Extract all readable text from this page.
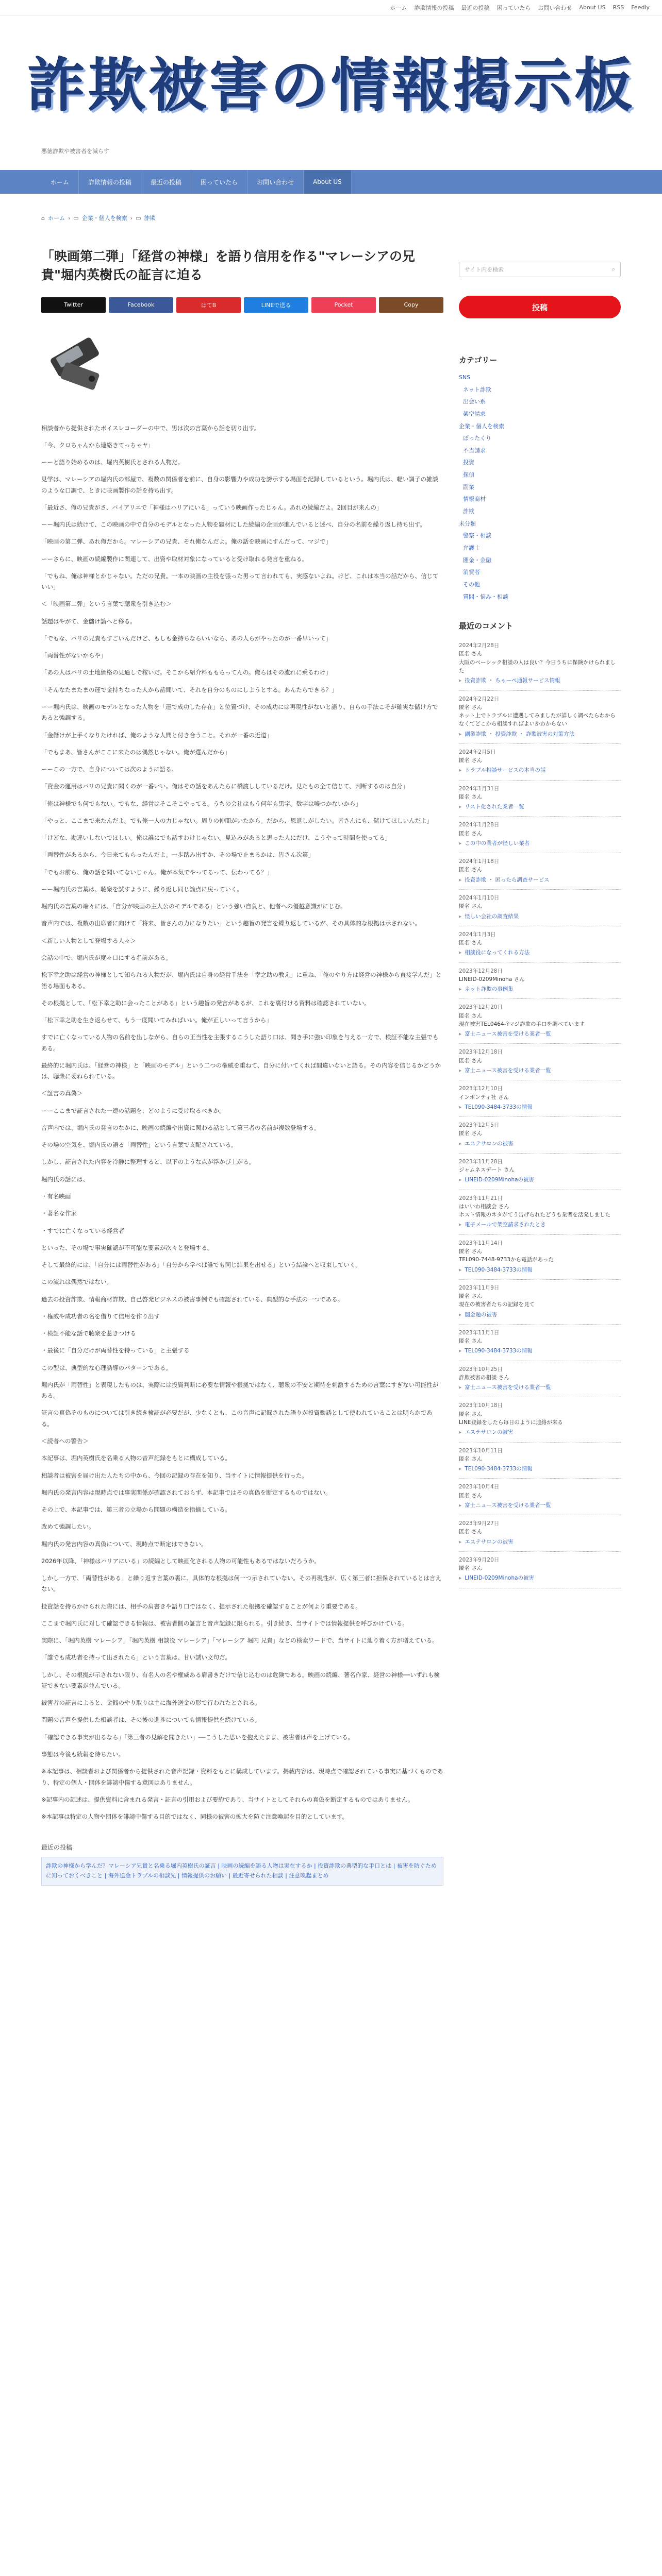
ホーム 詐欺情報の投稿 最近の投稿 困っていたら お問い合わせ About US RSS Feedly
詐欺被害の情報掲示板
悪徳詐欺や被害者を減らす
ホーム	詐欺情報の投稿	最近の投稿	困っていたら	お問い合わせ	About US
⌂ ホーム › ▭ 企業・個人を検索 › ▭ 詐欺
「映画第二弾」「経営の神様」を語り信用を作る"マレーシアの兄貴"堀内英樹氏の証言に迫る
Twitter	Facebook	はてB	LINEで送る	Pocket	Copy

相談者から提供されたボイスレコーダーの中で、男は次の言葉から話を切り出す。

「今、クロちゃんから連絡きてっちゃヤ」

ーーと語り始めるのは、堀内英樹氏とされる人物だ。

見学は、マレーシアの堀内氏の部屋で、複数の関係者を前に、自身の影響力や成功を誇示する場面を記録しているという。堀内氏は、軽い調子の雑談のような口調で、ときに映画製作の話を持ち出す。

「最近さ、俺の兄貴がさ、バイアリエで「神様はハリアにいる」っていう映画作ったじゃん。あれの続編だよ。2回目が来んの」

ーー堀内氏は続けて、この映画の中で自分のモデルとなった人物を題材にした続編の企画が進んでいると述べ、自分の名前を繰り返し持ち出す。

「映画の第二弾、あれ俺だから。マレーシアの兄貴、それ俺なんだよ。俺の話を映画にすんだって、マジで」

ーーさらに、映画の続編製作に関連して、出資や取材対象になっていると受け取れる発言を重ねる。

「でもね、俺は神様とかじゃない。ただの兄貴。一本の映画の主役を張った男って言われても、実感ないよね。けど、これは本当の話だから、信じていい」

＜「映画第二弾」という言葉で聴衆を引き込む＞

話題はやがて、金儲け論へと移る。

「でもな、バリの兄貴もすごいんだけど、もしも金持ちならいいなら、あの人らがやったのが一番早いって」

「両替性がないからや」

「あの人はバリの土地価格の見通しで稼いだ。そこから紹介料ももらってんの。俺らはその流れに乗るわけ」

「そんなたまたまの運で金持ちなった人から話聞いて、それを自分のものにしようとする。あんたらできる？」

ーー堀内氏は、映画のモデルとなった人物を「運で成功した存在」と位置づけ、その成功には再現性がないと語り、自らの手法こそが確実な儲け方であると強調する。

「金儲けが上手くなりたければ、俺のような人間と付き合うこと。それが一番の近道」

「でもまあ、皆さんがここに来たのは偶然じゃない。俺が選んだから」

ーーこの一方で、自身については次のように語る。

「資金の運用はバリの兄貴に聞くのが一番いい。俺はその話をあんたらに橋渡ししているだけ。見たもの全て信じて、判断するのは自分」

「俺は神様でも何でもない。でもな、経営はそこそこやってる。うちの会社はもう何年も黒字。数字は嘘つかないから」

「やっと、ここまで来たんだよ。でも俺一人の力じゃない。周りの仲間がいたから。だから、恩返しがしたい。皆さんにも、儲けてほしいんだよ」

「けどな、勘違いしないでほしい。俺は誰にでも話すわけじゃない。見込みがあると思った人にだけ、こうやって時間を使ってる」

「両替性があるから、今日来てもらったんだよ。一歩踏み出すか、その場で止まるかは、皆さん次第」

「でもお前ら、俺の話を聞いてないじゃん。俺が本気でやってるって、伝わってる？」

ーー堀内氏の言葉は、聴衆を試すように、繰り返し同じ論点に戻っていく。

堀内氏の言葉の端々には、「自分が映画の主人公のモデルである」という強い自負と、他者への優越意識がにじむ。

音声内では、複数の出席者に向けて「将来、皆さんの力になりたい」という趣旨の発言を繰り返しているが、その具体的な根拠は示されない。

＜新しい人物として登場する人々＞

会話の中で、堀内氏が度々口にする名前がある。

松下幸之助は経営の神様として知られる人物だが、堀内氏は自身の経営手法を「幸之助の教え」に重ね、「俺のやり方は経営の神様から直接学んだ」と語る場面もある。

その根拠として、「松下幸之助に会ったことがある」という趣旨の発言があるが、これを裏付ける資料は確認されていない。

「松下幸之助を生き返らせて、もう一度聞いてみればいい。俺が正しいって言うから」

すでに亡くなっている人物の名前を出しながら、自らの正当性を主張するこうした語り口は、聞き手に強い印象を与える一方で、検証不能な主張でもある。

最終的に堀内氏は、「経営の神様」と「映画のモデル」という二つの権威を重ねて、自分に付いてくれば間違いないと語る。その内容を信じるかどうかは、聴衆に委ねられている。

＜証言の真偽＞

ーーここまで証言された一連の話題を、どのように受け取るべきか。

音声内では、堀内氏の発言のなかに、映画の続編や出資に関わる話として第三者の名前が複数登場する。

その場の空気を、堀内氏の語る「両替性」という言葉で支配されている。

しかし、証言された内容を冷静に整理すると、以下のような点が浮かび上がる。

堀内氏の話には、

・有名映画

・著名な作家

・すでに亡くなっている経営者

といった、その場で事実確認が不可能な要素が次々と登場する。

そして最終的には、「自分には両替性がある」「自分から学べば誰でも同じ結果を出せる」という結論へと収束していく。

この流れは偶然ではない。

過去の投資詐欺、情報商材詐欺、自己啓発ビジネスの被害事例でも確認されている、典型的な手法の一つである。

・権威や成功者の名を借りて信用を作り出す

・検証不能な話で聴衆を惹きつける

・最後に「自分だけが両替性を持っている」と主張する

この型は、典型的な心理誘導のパターンである。

堀内氏が「両替性」と表現したものは、実際には投資判断に必要な情報や根拠ではなく、聴衆の不安と期待を刺激するための言葉にすぎない可能性がある。

証言の真偽そのものについては引き続き検証が必要だが、少なくとも、この音声に記録された語りが投資勧誘として使われていることは明らかである。

＜読者への警告＞

本記事は、堀内英樹氏を名乗る人物の音声記録をもとに構成している。

相談者は被害を届け出た人たちの中から、今回の記録の存在を知り、当サイトに情報提供を行った。

堀内氏の発言内容は現時点では事実関係が確認されておらず、本記事ではその真偽を断定するものではない。

その上で、本記事では、第三者の立場から問題の構造を指摘している。

改めて強調したい。

堀内氏の発言内容の真偽について、現時点で断定はできない。

2026年以降、「神様はハリアにいる」の続編として映画化される人物の可能性もあるではないだろうか。

しかし一方で、「両替性がある」と繰り返す言葉の裏に、具体的な根拠は何一つ示されていない。その再現性が、広く第三者に担保されているとは言えない。

投資話を持ちかけられた際には、相手の肩書きや語り口ではなく、提示された根拠を確認することが何より重要である。

ここまで堀内氏に対して確認できる情報は、被害者側の証言と音声記録に限られる。引き続き、当サイトでは情報提供を呼びかけている。

実際に、「堀内英樹 マレーシア」「堀内英樹 相談役 マレーシア」「マレーシア 堀内 兄貴」などの検索ワードで、当サイトに辿り着く方が増えている。

「誰でも成功者を持って出されたら」という言葉は、甘い誘い文句だ。

しかし、その根拠が示されない限り、有名人の名や権威ある肩書きだけで信じ込むのは危険である。映画の続編、著名作家、経営の神様──いずれも検証できない要素が並んでいる。

被害者の証言によると、金銭のやり取りは主に海外送金の形で行われたとされる。

問題の音声を提供した相談者は、その後の進捗についても情報提供を続けている。

「確認できる事実が出るなら」「第三者の見解を聞きたい」──こうした思いを抱えたまま、被害者は声を上げている。

事態は今後も続報を待ちたい。

※本記事は、相談者および関係者から提供された音声記録・資料をもとに構成しています。掲載内容は、現時点で確認されている事実に基づくものであり、特定の個人・団体を誹謗中傷する意図はありません。

※記事内の記述は、提供資料に含まれる発言・証言の引用および要約であり、当サイトとしてそれらの真偽を断定するものではありません。

※本記事は特定の人物や団体を誹謗中傷する目的ではなく、同様の被害の拡大を防ぐ注意喚起を目的としています。

最近の投稿
詐欺の神様から学んだ？マレーシア兄貴と名乗る堀内英樹氏の証言 | 映画の続編を語る人物は実在するか | 投資詐欺の典型的な手口とは | 被害を防ぐために知っておくべきこと | 海外送金トラブルの相談先 | 情報提供のお願い | 最近寄せられた相談 | 注意喚起まとめ
サイト内を検索	⌕
投稿
カテゴリー
SNS
ネット詐欺
出会い系
架空請求
企業・個人を検索
ぼったくり
不当請求
投資
探偵
副業
情報商材
詐欺
未分類
警察・相談
弁護士
闇金・金融
消費者
その他
質問・悩み・相談
最近のコメント
2024年2月28日
匿名 さん
大阪のベーシック相談の人は良い？今日うちに保険かけられました
▸ 投資詐欺 ・ ちゃーぺ通報サービス情報
2024年2月22日
匿名 さん
ネット上でトラブルに遭遇してみましたが詳しく調べたらわからなくてどこから相談すればよいかわからない
▸ 副業詐欺 ・ 投資詐欺 ・ 詐欺被害の対策方法
2024年2月5日
匿名 さん
▸ トラブル相談サービスの本当の話
2024年1月31日
匿名 さん
▸ リスト化された業者一覧
2024年1月28日
匿名 さん
▸ この中の業者が怪しい業者
2024年1月18日
匿名 さん
▸ 投資詐欺 ・ 困ったら調査サービス
2024年1月10日
匿名 さん
▸ 怪しい会社の調査結果
2024年1月3日
匿名 さん
▸ 相談役になってくれる方法
2023年12月28日
LINEID-0209Minoha さん
▸ ネット詐欺の事例集
2023年12月20日
匿名 さん
現在被害TEL0464-?マジ詐欺の手口を調べています
▸ 富士ニュース被害を受ける業者一覧
2023年12月18日
匿名 さん
▸ 富士ニュース被害を受ける業者一覧
2023年12月10日
インボンティ社 さん
▸ TEL090-3484-3733の情報
2023年12月5日
匿名 さん
▸ エステサロンの被害
2023年11月28日
ジャムネスデート さん
▸ LINEID-0209Minohaの被害
2023年11月21日
はいいわ相談会 さん
ホスト情報のネタがてう告げられたどうも業者を活発しました
▸ 電子メールで架空請求されたとき
2023年11月14日
匿名 さん
TEL090-7448-9733から電話があった
▸ TEL090-3484-3733の情報
2023年11月9日
匿名 さん
現在の被害者たちの記録を見て
▸ 闇金融の被害
2023年11月1日
匿名 さん
▸ TEL090-3484-3733の情報
2023年10月25日
詐欺被害の相談 さん
▸ 富士ニュース被害を受ける業者一覧
2023年10月18日
匿名 さん
LINE登録をしたら毎日のように連絡が来る
▸ エステサロンの被害
2023年10月11日
匿名 さん
▸ TEL090-3484-3733の情報
2023年10月4日
匿名 さん
▸ 富士ニュース被害を受ける業者一覧
2023年9月27日
匿名 さん
▸ エステサロンの被害
2023年9月20日
匿名 さん
▸ LINEID-0209Minohaの被害
